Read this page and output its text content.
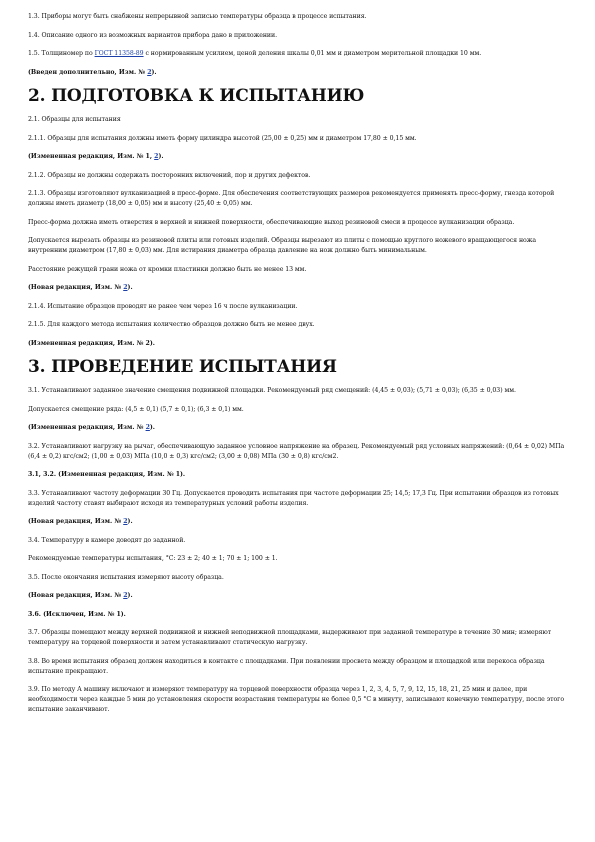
1.3. Приборы могут быть снабжены непрерывной записью температуры образца в процессе испытания.

1.4. Описание одного из возможных вариантов прибора дано в приложении.

1.5. Толщиномер по ГОСТ 11358-89 с нормированным усилием, ценой деления шкалы 0,01 мм и диаметром мерительной площадки 10 мм.

(Введен дополнительно, Изм. № 2).

2. ПОДГОТОВКА К ИСПЫТАНИЮ

2.1. Образцы для испытания

2.1.1. Образцы для испытания должны иметь форму цилиндра высотой (25,00 ± 0,25) мм и диаметром 17,80 ± 0,15 мм.

(Измененная редакция, Изм. № 1, 2).

2.1.2. Образцы не должны содержать посторонних включений, пор и других дефектов.

2.1.3. Образцы изготовляют вулканизацией в пресс-форме. Для обеспечения соответствующих размеров рекомендуется применять пресс-форму, гнезда которой должны иметь диаметр (18,00 ± 0,05) мм и высоту (25,40 ± 0,05) мм.

Пресс-форма должна иметь отверстия в верхней и нижней поверхности, обеспечивающие выход резиновой смеси в процессе вулканизации образца.

Допускается вырезать образцы из резиновой плиты или готовых изделий. Образцы вырезают из плиты с помощью круглого ножевого вращающегося ножа внутренним диаметром (17,80 ± 0,03) мм. Для истирания диаметра образца давление на нож должно быть минимальным.

Расстояние режущей грани ножа от кромки пластинки должно быть не менее 13 мм.

(Новая редакция, Изм. № 2).

2.1.4. Испытание образцов проводят не ранее чем через 16 ч после вулканизации.

2.1.5. Для каждого метода испытания количество образцов должно быть не менее двух.

(Измененная редакция, Изм. № 2).

3. ПРОВЕДЕНИЕ ИСПЫТАНИЯ

3.1. Устанавливают заданное значение смещения подвижной площадки. Рекомендуемый ряд смещений: (4,45 ± 0,03); (5,71 ± 0,03); (6,35 ± 0,03) мм.

Допускается смещение ряда: (4,5 ± 0,1) (5,7 ± 0,1); (6,3 ± 0,1) мм.

(Измененная редакция, Изм. № 2).

3.2. Устанавливают нагрузку на рычаг, обеспечивающую заданное условное напряжение на образец. Рекомендуемый ряд условных напряжений: (0,64 ± 0,02) МПа (6,4 ± 0,2) кгс/см2; (1,00 ± 0,03) МПа (10,0 ± 0,3) кгс/см2; (3,00 ± 0,08) МПа (30 ± 0,8) кгс/см2.

3.1, 3.2. (Измененная редакция, Изм. № 1).

3.3. Устанавливают частоту деформации 30 Гц. Допускается проводить испытания при частоте деформации 25; 14,5; 17,3 Гц. При испытании образцов из готовых изделий частоту ставят выбирают исходя из температурных условий работы изделия.

(Новая редакция, Изм. № 2).

3.4. Температуру в камере доводят до заданной.

Рекомендуемые температуры испытания, °С: 23 ± 2; 40 ± 1; 70 ± 1; 100 ± 1.

3.5. После окончания испытания измеряют высоту образца.

(Новая редакция, Изм. № 2).

3.6. (Исключен, Изм. № 1).

3.7. Образцы помещают между верхней подвижной и нижней неподвижной площадками, выдерживают при заданной температуре в течение 30 мин; измеряют температуру на торцевой поверхности и затем устанавливают статическую нагрузку.

3.8. Во время испытания образец должен находиться в контакте с площадками. При появлении просвета между образцом и площадкой или перекоса образца испытание прекращают.

3.9. По методу А машину включают и измеряют температуру на торцевой поверхности образца через 1, 2, 3, 4, 5, 7, 9, 12, 15, 18, 21, 25 мин и далее, при необходимости через каждые 5 мин до установления скорости возрастания температуры не более 0,5 °С в минуту, записывают конечную температуру, после этого испытание заканчивают.
